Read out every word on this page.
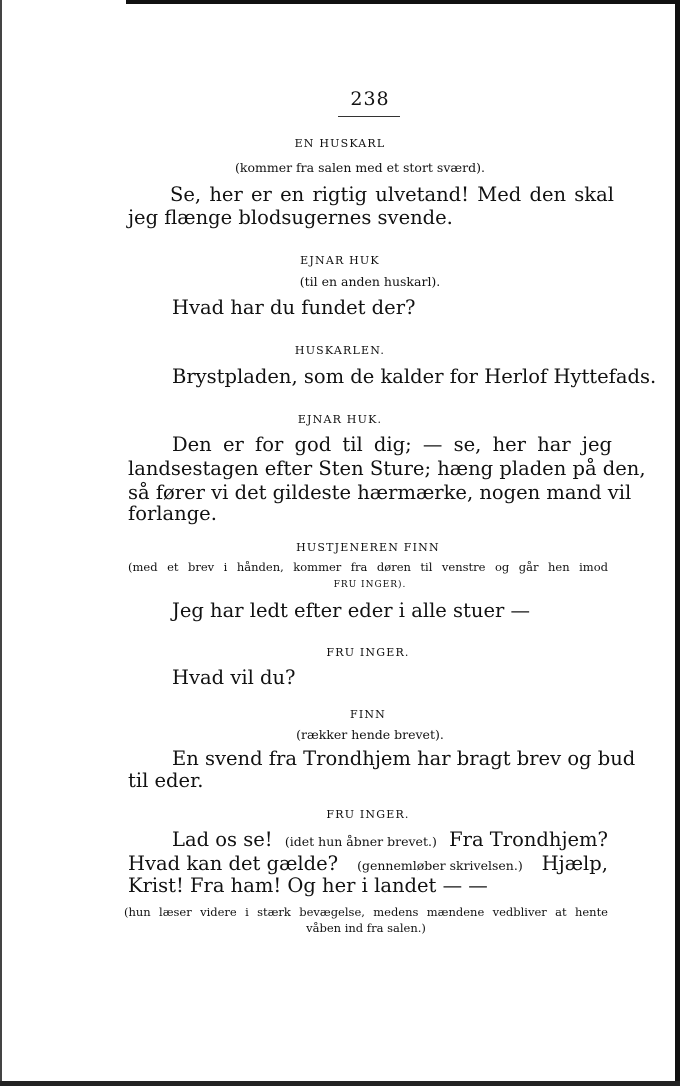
238
EN HUSKARL
(kommer fra salen med et stort sværd).
Se, her er en rigtig ulvetand! Med den skal
jeg flænge blodsugernes svende.
EJNAR HUK
(til en anden huskarl).
Hvad har du fundet der?
HUSKARLEN.
Brystpladen, som de kalder for Herlof Hyttefads.
EJNAR HUK.
Den er for god til dig; — se, her har jeg
landsestagen efter Sten Sture; hæng pladen på den,
så fører vi det gildeste hærmærke, nogen mand vil
forlange.
HUSTJENEREN FINN
(med et brev i hånden, kommer fra døren til venstre og går hen imod
FRU INGER).
Jeg har ledt efter eder i alle stuer —
FRU INGER.
Hvad vil du?
FINN
(rækker hende brevet).
En svend fra Trondhjem har bragt brev og bud
til eder.
FRU INGER.
Lad os se! (idet hun åbner brevet.) Fra Trondhjem?
Hvad kan det gælde? (gennemløber skrivelsen.) Hjælp,
Krist! Fra ham! Og her i landet — —
(hun læser videre i stærk bevægelse, medens mændene vedbliver at hente
våben ind fra salen.)
